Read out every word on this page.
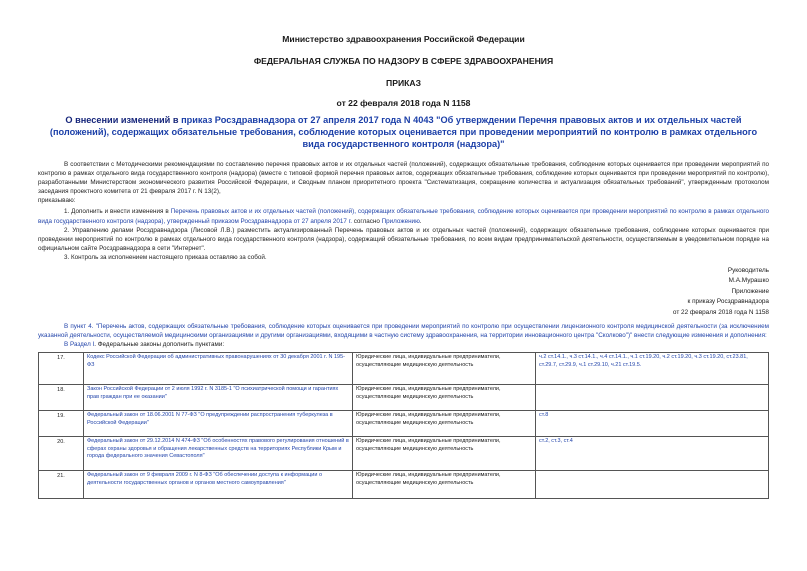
Министерство здравоохранения Российской Федерации
ФЕДЕРАЛЬНАЯ СЛУЖБА ПО НАДЗОРУ В СФЕРЕ ЗДРАВООХРАНЕНИЯ
ПРИКАЗ
от 22 февраля 2018 года N 1158
О внесении изменений в приказ Росздравнадзора от 27 апреля 2017 года N 4043 "Об утверждении Перечня правовых актов и их отдельных частей (положений), содержащих обязательные требования, соблюдение которых оценивается при проведении мероприятий по контролю в рамках отдельного вида государственного контроля (надзора)"

В соответствии с Методическими рекомендациями по составлению перечня правовых актов и их отдельных частей (положений), содержащих обязательные требования, соблюдение которых оценивается при проведении мероприятий по контролю в рамках отдельного вида государственного контроля (надзора) (вместе с типовой формой перечня правовых актов, содержащих обязательные требования, соблюдение которых оценивается при проведении мероприятий по контролю), разработанными Министерством экономического развития Российской Федерации, и Сводным планом приоритетного проекта "Систематизация, сокращение количества и актуализация обязательных требований", утвержденным протоколом заседания проектного комитета от 21 февраля 2017 г. N 13(2),

приказываю:

1. Дополнить и внести изменения в Перечень правовых актов и их отдельных частей (положений), содержащих обязательные требования, соблюдение которых оценивается при проведении мероприятий по контролю в рамках отдельного вида государственного контроля (надзора), утвержденный приказом Росздравнадзора от 27 апреля 2017 г. согласно Приложению.

2. Управлению делами Росздравнадзора (Лисовой Л.В.) разместить актуализированный Перечень правовых актов и их отдельных частей (положений), содержащих обязательные требования, соблюдение которых оценивается при проведении мероприятий по контролю в рамках отдельного вида государственного контроля (надзора), содержащий обязательные требования, по всем видам предпринимательской деятельности, осуществляемым в уведомительном порядке на официальном сайте Росздравнадзора в сети "Интернет".

3. Контроль за исполнением настоящего приказа оставляю за собой.

Руководитель
М.А.Мурашко
Приложение
к приказу Росздравнадзора
от 22 февраля 2018 года N 1158

В пункт 4. "Перечень актов, содержащих обязательные требования, соблюдение которых оценивается при проведении мероприятий по контролю при осуществлении лицензионного контроля медицинской деятельности (за исключением указанной деятельности, осуществляемой медицинскими организациями и другими организациями, входящими в частную систему здравоохранения, на территории инновационного центра "Сколково")" внести следующие изменения и дополнения:

В Раздел I. Федеральные законы дополнить пунктами:
17.	Кодекс Российской Федерации об административных правонарушениях от 30 декабря 2001 г. N 195-ФЗ	Юридические лица, индивидуальные предприниматели, осуществляющие медицинскую деятельность	ч.2 ст.14.1., ч.3 ст.14.1., ч.4 ст.14.1., ч.1 ст.19.20, ч.2 ст.19.20, ч.3 ст.19.20, ст.23.81, ст.29.7, ст.29.9, ч.1 ст.29.10, ч.21 ст.19.5.
18.	Закон Российской Федерации от 2 июля 1992 г. N 3185-1 "О психиатрической помощи и гарантиях прав граждан при ее оказании"	Юридические лица, индивидуальные предприниматели, осуществляющие медицинскую деятельность	
19.	Федеральный закон от 18.06.2001 N 77-ФЗ "О предупреждении распространения туберкулеза в Российской Федерации"	Юридические лица, индивидуальные предприниматели, осуществляющие медицинскую деятельность	ст.8
20.	Федеральный закон от 29.12.2014 N 474-ФЗ "Об особенностях правового регулирования отношений в сферах охраны здоровья и обращения лекарственных средств на территориях Республики Крым и города федерального значения Севастополя"	Юридические лица, индивидуальные предприниматели, осуществляющие медицинскую деятельность	ст.2, ст.3, ст.4
21.	Федеральный закон от 9 февраля 2009 г. N 8-ФЗ "Об обеспечении доступа к информации о деятельности государственных органов и органов местного самоуправления"	Юридические лица, индивидуальные предприниматели, осуществляющие медицинскую деятельность	
